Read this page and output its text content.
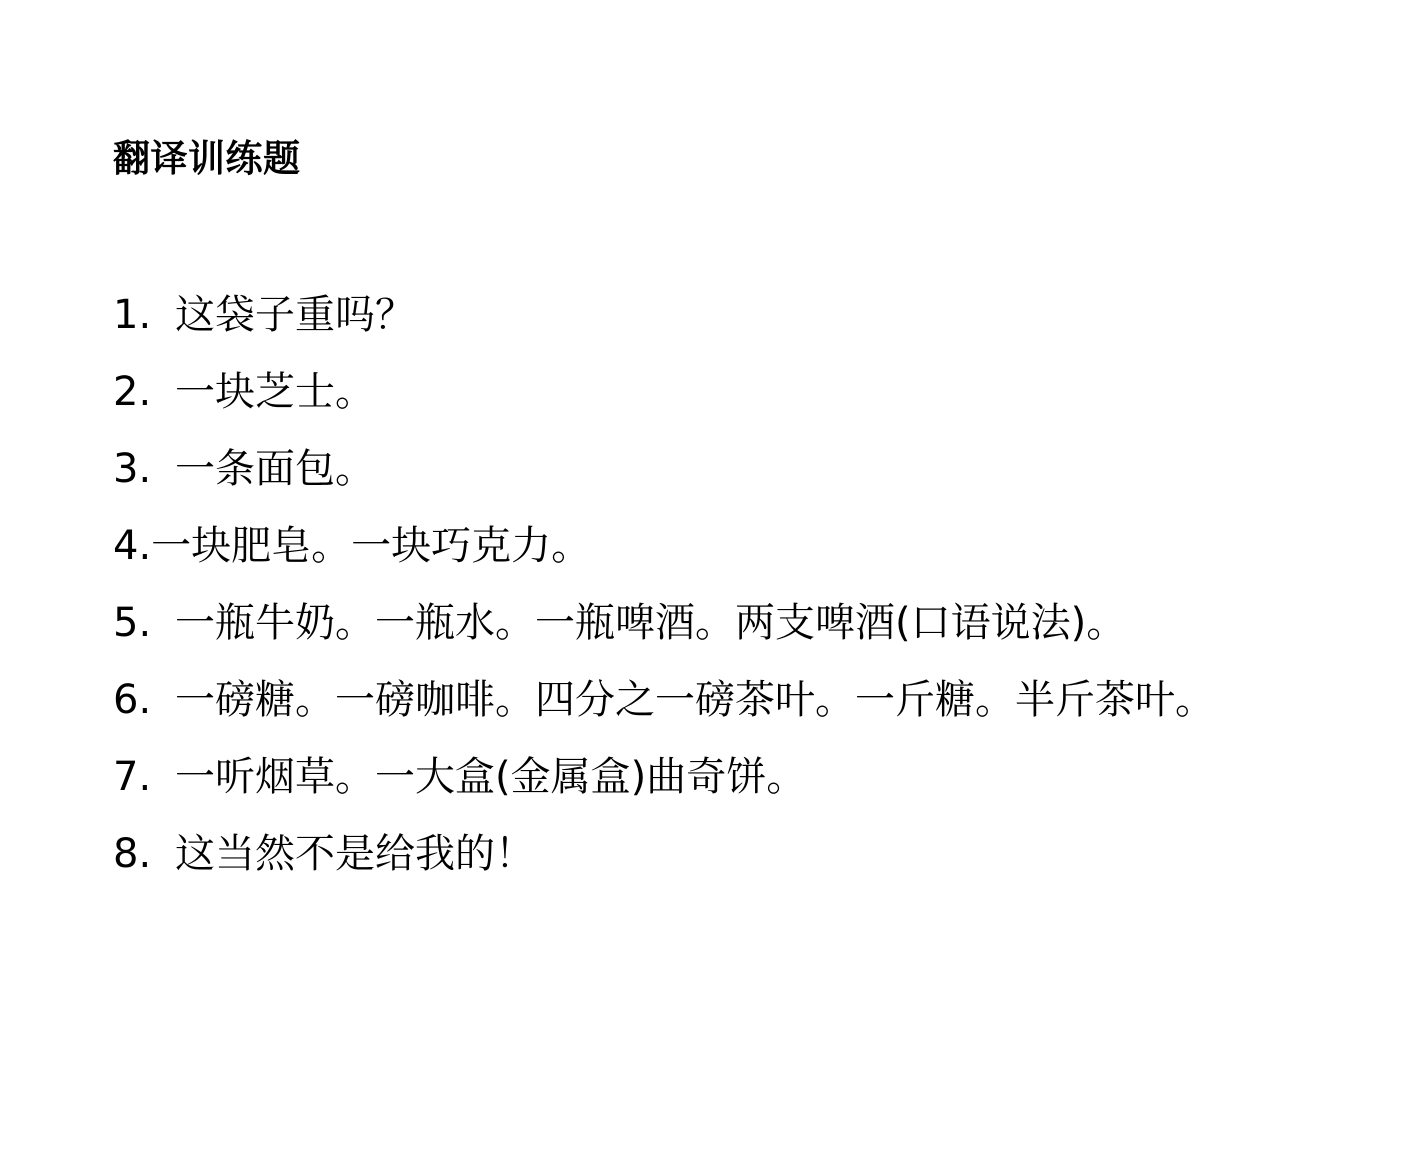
翻译训练题
1. 这袋子重吗？
2. 一块芝士。
3. 一条面包。
4. 一块肥皂。一块巧克力。
5. 一瓶牛奶。一瓶水。一瓶啤酒。两支啤酒(口语说法)。
6. 一磅糖。一磅咖啡。四分之一磅茶叶。一斤糖。半斤茶叶。
7. 一听烟草。一大盒(金属盒)曲奇饼。
8. 这当然不是给我的！
